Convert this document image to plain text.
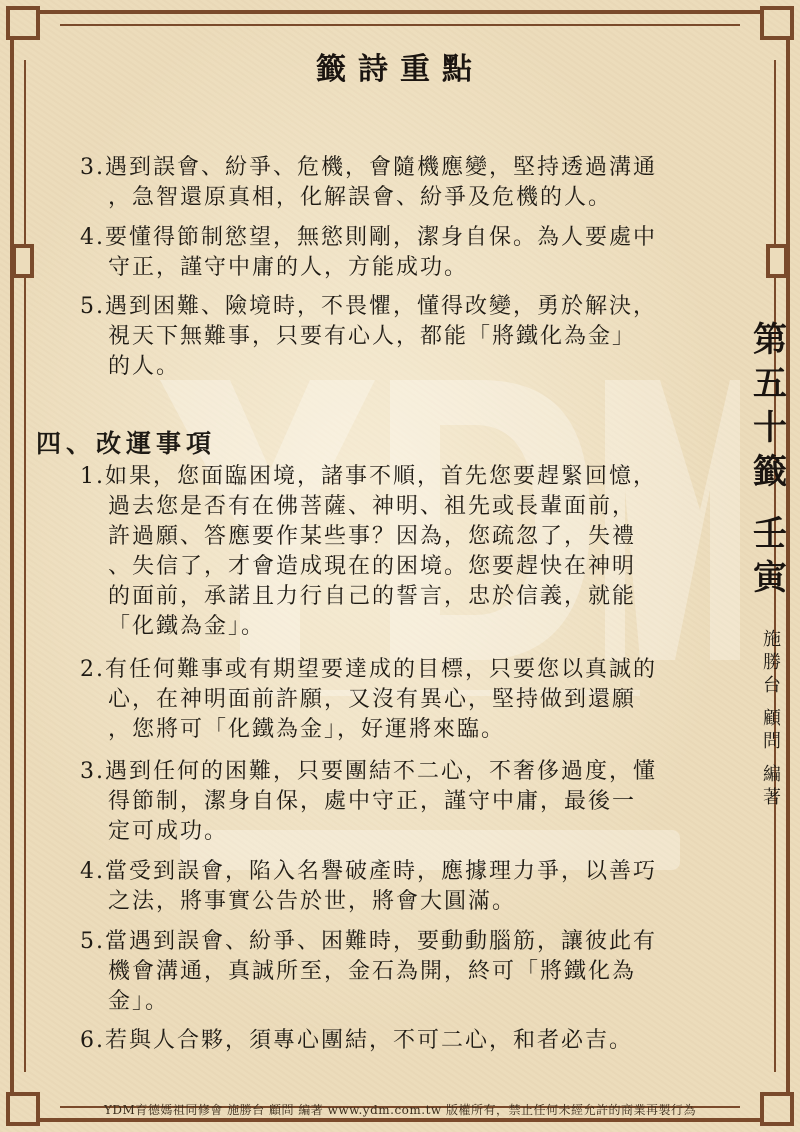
籤詩重點
3.遇到誤會、紛爭、危機，會隨機應變，堅持透過溝通
，急智還原真相，化解誤會、紛爭及危機的人。
4.要懂得節制慾望，無慾則剛，潔身自保。為人要處中
守正，謹守中庸的人，方能成功。
5.遇到困難、險境時，不畏懼，懂得改變，勇於解決，
視天下無難事，只要有心人，都能「將鐵化為金」
的人。
四、改運事項
1.如果，您面臨困境，諸事不順，首先您要趕緊回憶，
過去您是否有在佛菩薩、神明、祖先或長輩面前，
許過願、答應要作某些事？因為，您疏忽了，失禮
、失信了，才會造成現在的困境。您要趕快在神明
的面前，承諾且力行自己的誓言，忠於信義，就能
「化鐵為金」。
2.有任何難事或有期望要達成的目標，只要您以真誠的
心，在神明面前許願，又沒有異心，堅持做到還願
，您將可「化鐵為金」，好運將來臨。
3.遇到任何的困難，只要團結不二心，不奢侈過度，懂
得節制，潔身自保，處中守正，謹守中庸，最後一
定可成功。
4.當受到誤會，陷入名譽破產時，應據理力爭，以善巧
之法，將事實公告於世，將會大圓滿。
5.當遇到誤會、紛爭、困難時，要動動腦筋，讓彼此有
機會溝通，真誠所至，金石為開，終可「將鐵化為
金」。
6.若與人合夥，須專心團結，不可二心，和者必吉。
第
五
十
籤
壬
寅
施
勝
台
顧
問
編
著
YDM育德媽祖同修會 施勝台 顧問 編著 www.ydm.com.tw 版權所有，禁止任何未經允許的商業再製行為
